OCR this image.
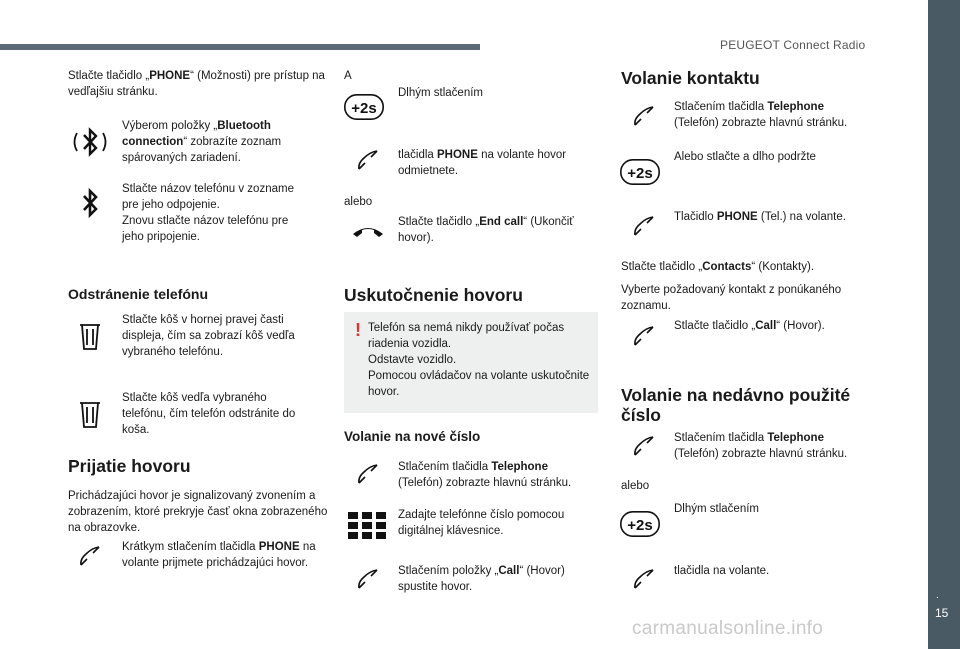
PEUGEOT Connect Radio
.
15
carmanualsonline.info
Stlačte tlačidlo „PHONE“ (Možnosti) pre prístup na vedľajšiu stránku.
Výberom položky „Bluetooth connection“ zobrazíte zoznam spárovaných zariadení.
Stlačte názov telefónu v zozname pre jeho odpojenie.
Znovu stlačte názov telefónu pre jeho pripojenie.
Odstránenie telefónu
Stlačte kôš v hornej pravej časti displeja, čím sa zobrazí kôš vedľa vybraného telefónu.
Stlačte kôš vedľa vybraného telefónu, čím telefón odstránite do koša.
Prijatie hovoru
Prichádzajúci hovor je signalizovaný zvonením a zobrazením, ktoré prekryje časť okna zobrazeného na obrazovke.
Krátkym stlačením tlačidla PHONE na volante prijmete prichádzajúci hovor.
A
+2s
Dlhým stlačením
tlačidla PHONE na volante hovor odmietnete.
alebo
Stlačte tlačidlo „End call“ (Ukončiť hovor).
Uskutočnenie hovoru
! Telefón sa nemá nikdy používať počas riadenia vozidla.
Odstavte vozidlo.
Pomocou ovládačov na volante uskutočnite hovor.
Volanie na nové číslo
Stlačením tlačidla Telephone (Telefón) zobrazte hlavnú stránku.
Zadajte telefónne číslo pomocou digitálnej klávesnice.
Stlačením položky „Call“ (Hovor) spustite hovor.
Volanie kontaktu
Stlačením tlačidla Telephone (Telefón) zobrazte hlavnú stránku.
+2s
Alebo stlačte a dlho podržte
Tlačidlo PHONE (Tel.) na volante.
Stlačte tlačidlo „Contacts“ (Kontakty).
Vyberte požadovaný kontakt z ponúkaného zoznamu.
Stlačte tlačidlo „Call“ (Hovor).
Volanie na nedávno použité číslo
Stlačením tlačidla Telephone (Telefón) zobrazte hlavnú stránku.
alebo
+2s
Dlhým stlačením
tlačidla na volante.
